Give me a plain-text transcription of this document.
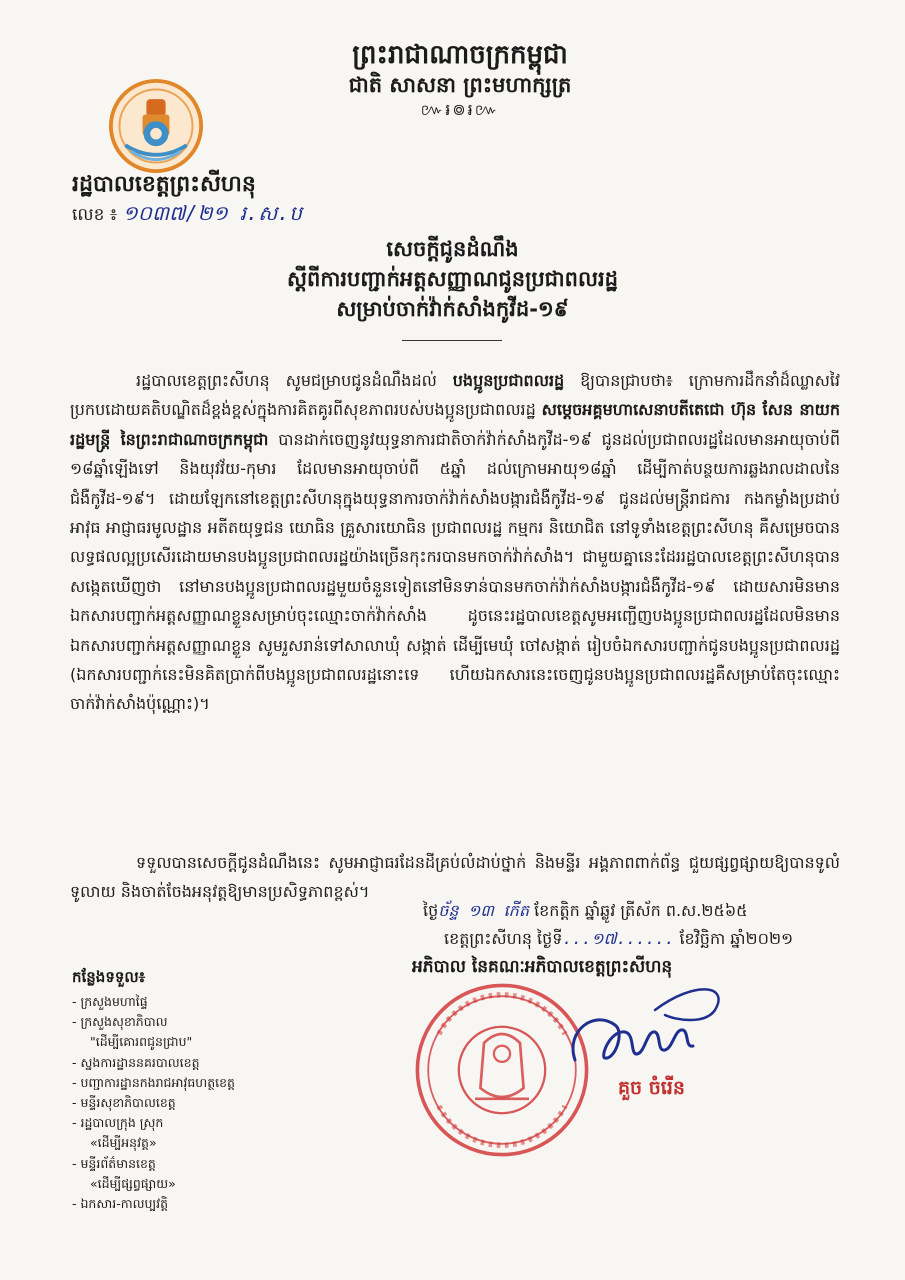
ព្រះរាជាណាចក្រកម្ពុជា
ជាតិ សាសនា ព្រះមហាក្សត្រ
៚៛៙៛៚
រដ្ឋបាលខេត្តព្រះសីហនុ
លេខ ៖ ១០៣៧/២១ រ.ស.ប
សេចក្តីជូនដំណឹង
ស្តីពីការបញ្ជាក់អត្តសញ្ញាណជូនប្រជាពលរដ្ឋ
សម្រាប់ចាក់វ៉ាក់សាំងកូវីដ-១៩
រដ្ឋបាលខេត្តព្រះសីហនុ សូមជម្រាបជូនដំណឹងដល់ បងប្អូនប្រជាពលរដ្ឋ ឱ្យបានជ្រាបថា៖ ក្រោមការដឹកនាំដ៏ឈ្លាសវៃប្រកបដោយគតិបណ្ឌិតដ៏ខ្ពង់ខ្ពស់ក្នុងការគិតគូរពីសុខភាពរបស់បងប្អូនប្រជាពលរដ្ឋ សម្តេចអគ្គមហាសេនាបតីតេជោ ហ៊ុន សែន នាយករដ្ឋមន្ត្រី នៃព្រះរាជាណាចក្រកម្ពុជា បានដាក់ចេញនូវយុទ្ធនាការជាតិចាក់វ៉ាក់សាំងកូវីដ-១៩ ជូនដល់ប្រជាពលរដ្ឋដែលមានអាយុចាប់ពី ១៨ឆ្នាំឡើងទៅ និងយុវវ័យ-កុមារ ដែលមានអាយុចាប់ពី ៥ឆ្នាំ ដល់ក្រោមអាយុ១៨ឆ្នាំ ដើម្បីកាត់បន្ថយការឆ្លងរាលដាលនៃជំងឺកូវីដ-១៩។ ដោយឡែកនៅខេត្តព្រះសីហនុក្នុងយុទ្ធនាការចាក់វ៉ាក់សាំងបង្ការជំងឺកូវីដ-១៩ ជូនដល់មន្ត្រីរាជការ កងកម្លាំងប្រដាប់អាវុធ អាជ្ញាធរមូលដ្ឋាន អតីតយុទ្ធជន យោធិន គ្រួសារយោធិន ប្រជាពលរដ្ឋ កម្មករ និយោជិត នៅទូទាំងខេត្តព្រះសីហនុ គឺសម្រេចបានលទ្ធផលល្អប្រសើរដោយមានបងប្អូនប្រជាពលរដ្ឋយ៉ាងច្រើនកុះករបានមកចាក់វ៉ាក់សាំង។ ជាមួយគ្នានេះដែររដ្ឋបាលខេត្តព្រះសីហនុបានសង្កេតឃើញថា នៅមានបងប្អូនប្រជាពលរដ្ឋមួយចំនួនទៀតនៅមិនទាន់បានមកចាក់វ៉ាក់សាំងបង្ការជំងឺកូវីដ-១៩ ដោយសារមិនមានឯកសារបញ្ជាក់អត្តសញ្ញាណខ្លួនសម្រាប់ចុះឈ្មោះចាក់វ៉ាក់សាំង ដូចនេះរដ្ឋបាលខេត្តសូមអញ្ជើញបងប្អូនប្រជាពលរដ្ឋដែលមិនមានឯកសារបញ្ជាក់អត្តសញ្ញាណខ្លួន សូមរួសរាន់ទៅសាលាឃុំ សង្កាត់ ដើម្បីមេឃុំ ចៅសង្កាត់ រៀបចំឯកសារបញ្ជាក់ជូនបងប្អូនប្រជាពលរដ្ឋ (ឯកសារបញ្ជាក់នេះមិនគិតប្រាក់ពីបងប្អូនប្រជាពលរដ្ឋនោះទេ ហើយឯកសារនេះចេញជូនបងប្អូនប្រជាពលរដ្ឋគឺសម្រាប់តែចុះឈ្មោះចាក់វ៉ាក់សាំងប៉ុណ្ណោះ)។
ទទួលបានសេចក្តីជូនដំណឹងនេះ សូមអាជ្ញាធរដែនដីគ្រប់លំដាប់ថ្នាក់ និងមន្ទីរ អង្គភាពពាក់ព័ន្ធ ជួយផ្សព្វផ្សាយឱ្យបានទូលំទូលាយ និងចាត់ចែងអនុវត្តឱ្យមានប្រសិទ្ធភាពខ្ពស់។
ថ្ងៃច័ន្ទ ១៣ កើត ខែកត្តិក ឆ្នាំឆ្លូវ ត្រីស័ក ព.ស.២៥៦៥
ខេត្តព្រះសីហនុ ថ្ងៃទី...១៧...... ខែវិច្ឆិកា ឆ្នាំ២០២១
អភិបាល នៃគណៈអភិបាលខេត្តព្រះសីហនុ
គួច ចំរើន
កន្លែងទទួល៖
- ក្រសួងមហាផ្ទៃ
- ក្រសួងសុខាភិបាល
"ដើម្បីគោរពជូនជ្រាប"
- ស្នងការដ្ឋាននគរបាលខេត្ត
- បញ្ជាការដ្ឋានកងរាជអាវុធហត្ថខេត្ត
- មន្ទីរសុខាភិបាលខេត្ត
- រដ្ឋបាលក្រុង ស្រុក
«ដើម្បីអនុវត្ត»
- មន្ទីរព័ត៌មានខេត្ត
«ដើម្បីផ្សព្វផ្សាយ»
- ឯកសារ-កាលប្បវត្តិ
